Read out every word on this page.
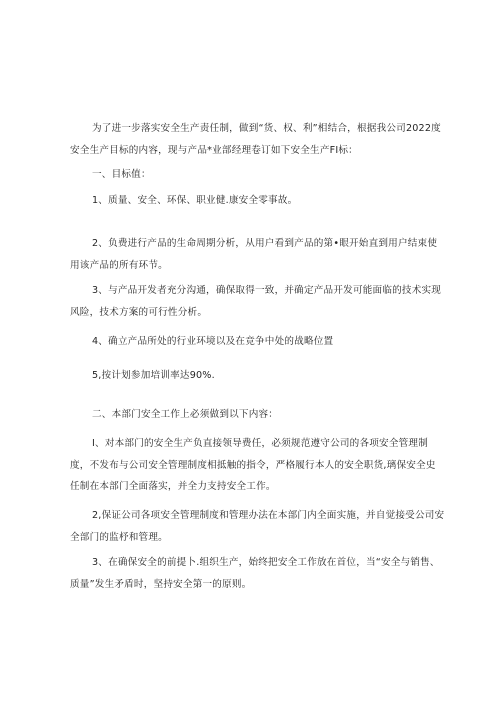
为了进一步落实安全生产责任制，做到“货、权、利”相结合，根据我公司2022度安全生产目标的内容，现与产品*业部经理卷订如下安全生产FI标：

一、目标值：

1、质量、安全、环保、职业健.康安全零事故。

2、负费进行产品的生命周期分析，从用户看到产品的第•眼开始直到用户结束使用该产品的所有环节。

3、与产品开发者充分沟通，确保取得一致，并确定产品开发可能面临的技术实现风险，技术方案的可行性分析。

4、确立产品所处的行业环境以及在竞争中处的战略位置

5,按计划参加培训率达90%.

二、本部门安全工作上必须做到以下内容：

I、对本部门的安全生产负直接领导费任，必须规范遵守公司的各项安全管理制度，不发布与公司安全管理制度相抵触的指令，严格履行本人的安全职货,璃保安全史任制在本部门全面落实，并全力支持安全工作。

2,保证公司各项安全管理制度和管理办法在本部门内全面实施，并自觉接受公司安全部门的监杼和管理。

3、在确保安全的前提卜.组织生产，始终把安全工作放在首位，当“安全与销售、质量”发生矛盾时，坚持安全第一的原则。
